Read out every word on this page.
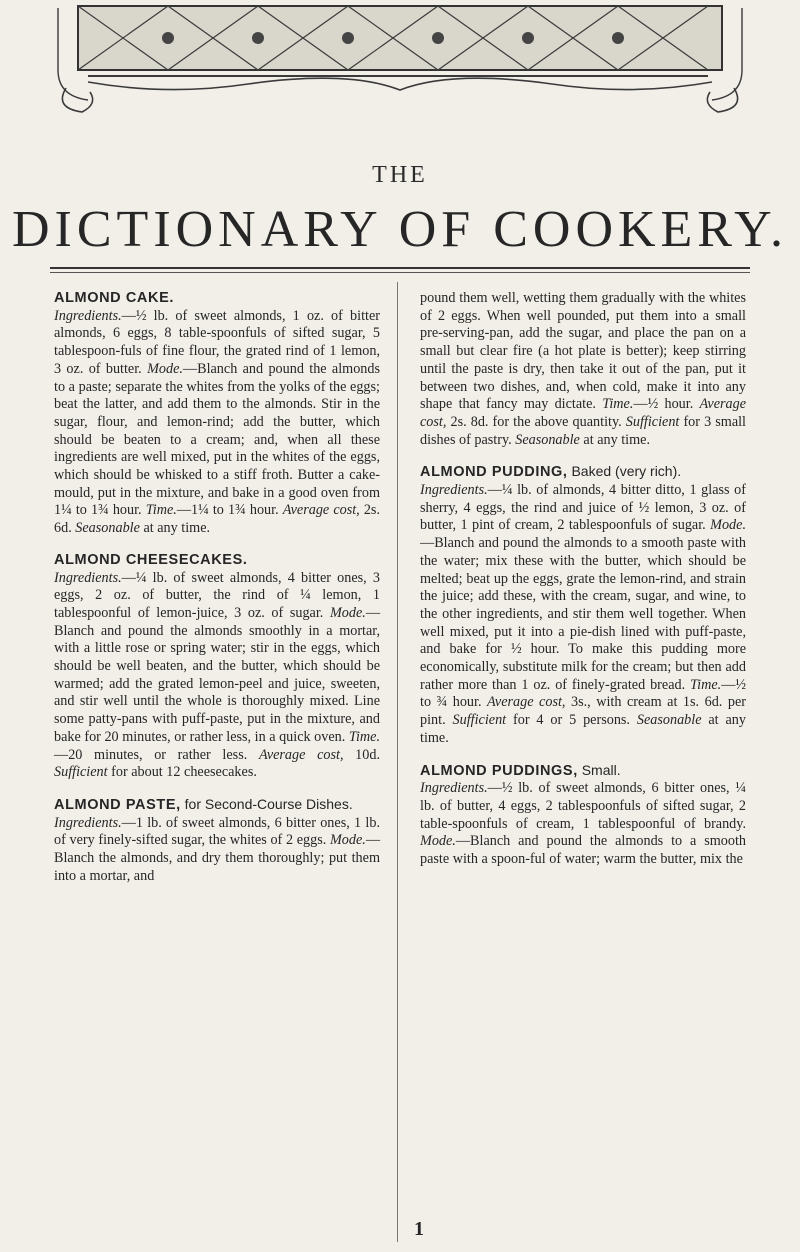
THE
DICTIONARY OF COOKERY.

ALMOND CAKE.
Ingredients.—½ lb. of sweet almonds, 1 oz. of bitter almonds, 6 eggs, 8 table-spoonfuls of sifted sugar, 5 tablespoon-fuls of fine flour, the grated rind of 1 lemon, 3 oz. of butter. Mode.—Blanch and pound the almonds to a paste; separate the whites from the yolks of the eggs; beat the latter, and add them to the almonds. Stir in the sugar, flour, and lemon-rind; add the butter, which should be beaten to a cream; and, when all these ingredients are well mixed, put in the whites of the eggs, which should be whisked to a stiff froth. Butter a cake-mould, put in the mixture, and bake in a good oven from 1¼ to 1¾ hour. Time.—1¼ to 1¾ hour. Average cost, 2s. 6d. Seasonable at any time.

ALMOND CHEESECAKES.
Ingredients.—¼ lb. of sweet almonds, 4 bitter ones, 3 eggs, 2 oz. of butter, the rind of ¼ lemon, 1 tablespoonful of lemon-juice, 3 oz. of sugar. Mode.—Blanch and pound the almonds smoothly in a mortar, with a little rose or spring water; stir in the eggs, which should be well beaten, and the butter, which should be warmed; add the grated lemon-peel and juice, sweeten, and stir well until the whole is thoroughly mixed. Line some patty-pans with puff-paste, put in the mixture, and bake for 20 minutes, or rather less, in a quick oven. Time.—20 minutes, or rather less. Average cost, 10d. Sufficient for about 12 cheesecakes.

ALMOND PASTE, for Second-Course Dishes.
Ingredients.—1 lb. of sweet almonds, 6 bitter ones, 1 lb. of very finely-sifted sugar, the whites of 2 eggs. Mode.—Blanch the almonds, and dry them thoroughly; put them into a mortar, and

pound them well, wetting them gradually with the whites of 2 eggs. When well pounded, put them into a small pre-serving-pan, add the sugar, and place the pan on a small but clear fire (a hot plate is better); keep stirring until the paste is dry, then take it out of the pan, put it between two dishes, and, when cold, make it into any shape that fancy may dictate. Time.—½ hour. Average cost, 2s. 8d. for the above quantity. Sufficient for 3 small dishes of pastry. Seasonable at any time.

ALMOND PUDDING, Baked (very rich).
Ingredients.—¼ lb. of almonds, 4 bitter ditto, 1 glass of sherry, 4 eggs, the rind and juice of ½ lemon, 3 oz. of butter, 1 pint of cream, 2 tablespoonfuls of sugar. Mode.—Blanch and pound the almonds to a smooth paste with the water; mix these with the butter, which should be melted; beat up the eggs, grate the lemon-rind, and strain the juice; add these, with the cream, sugar, and wine, to the other ingredients, and stir them well together. When well mixed, put it into a pie-dish lined with puff-paste, and bake for ½ hour. To make this pudding more economically, substitute milk for the cream; but then add rather more than 1 oz. of finely-grated bread. Time.—½ to ¾ hour. Average cost, 3s., with cream at 1s. 6d. per pint. Sufficient for 4 or 5 persons. Seasonable at any time.

ALMOND PUDDINGS, Small.
Ingredients.—½ lb. of sweet almonds, 6 bitter ones, ¼ lb. of butter, 4 eggs, 2 tablespoonfuls of sifted sugar, 2 table-spoonfuls of cream, 1 tablespoonful of brandy. Mode.—Blanch and pound the almonds to a smooth paste with a spoon-ful of water; warm the butter, mix the

1
